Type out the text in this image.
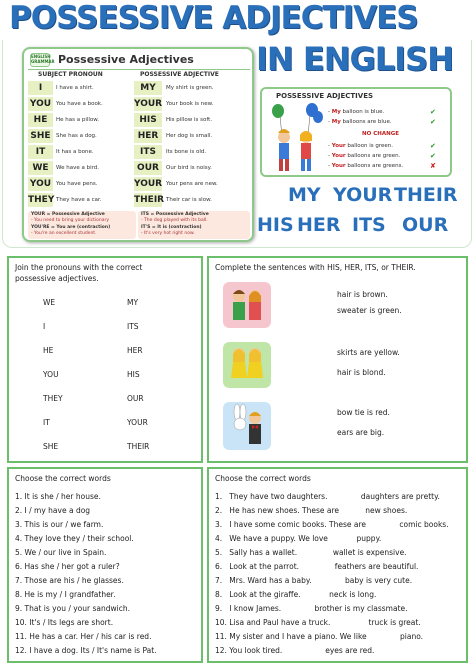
POSSESSIVE ADJECTIVES
IN ENGLISH
ENGLISH GRAMMAR Possessive Adjectives
SUBJECT PRONOUN	POSSESSIVE ADJECTIVE
I	I have a shirt.	MY	My shirt is green.
YOU You have a book.	YOUR Your book is new.
HE	He has a pillow.	HIS	His pillow is soft.
SHE She has a dog.	HER	Her dog is small.
IT	It has a bone.	ITS	Its bone is old.
WE	We have a bird.	OUR	Our bird is noisy.
YOU You have pens.	YOUR Your pens are new.
THEY They have a car.	THEIR Their car is slow.
YOUR = Possessive Adjective
- You need to bring your dictionary
YOU'RE = You are (contraction)
- You're an excellent student.
ITS = Possessive Adjective
- The dog played with its ball.
IT'S = It is (contraction)
- It's very hot right now.
POSSESSIVE ADJECTIVES
- My balloon is blue.	✔
- My balloons are blue.	✔
NO CHANGE
- Your balloon is green.	✔
- Your balloons are green.	✔
- Your balloons are greens.	✘
MY YOUR THEIR
HIS HER ITS OUR
Join the pronouns with the correct
possessive adjectives.
WE
I
HE
YOU
THEY
IT
SHE
MY
ITS
HER
HIS
OUR
YOUR
THEIR
Complete the sentences with HIS, HER, ITS, or THEIR.
hair is brown.
sweater is green.
skirts are yellow.
hair is blond.
bow tie is red.
ears are big.
Choose the correct words
1. It is she / her house.
2. I / my have a dog
3. This is our / we farm.
4. They love they / their school.
5. We / our live in Spain.
6. Has she / her got a ruler?
7. Those are his / he glasses.
8. He is my / I grandfather.
9. That is you / your sandwich.
10. It's / Its legs are short.
11. He has a car. Her / his car is red.
12. I have a dog. Its / It's name is Pat.
Choose the correct words
1.   They have two daughters.              daughters are pretty.
2.   He has new shoes. These are           new shoes.
3.   I have some comic books. These are              comic books.
4.   We have a puppy. We love            puppy.
5.   Sally has a wallet.               wallet is expensive.
6.   Look at the parrot.               feathers are beautiful.
7.   Mrs. Ward has a baby.              baby is very cute.
8.   Look at the giraffe.            neck is long.
9.   I know James.              brother is my classmate.
10. Lisa and Paul have a truck.                truck is great.
11. My sister and I have a piano. We like              piano.
12. You look tired.                  eyes are red.
